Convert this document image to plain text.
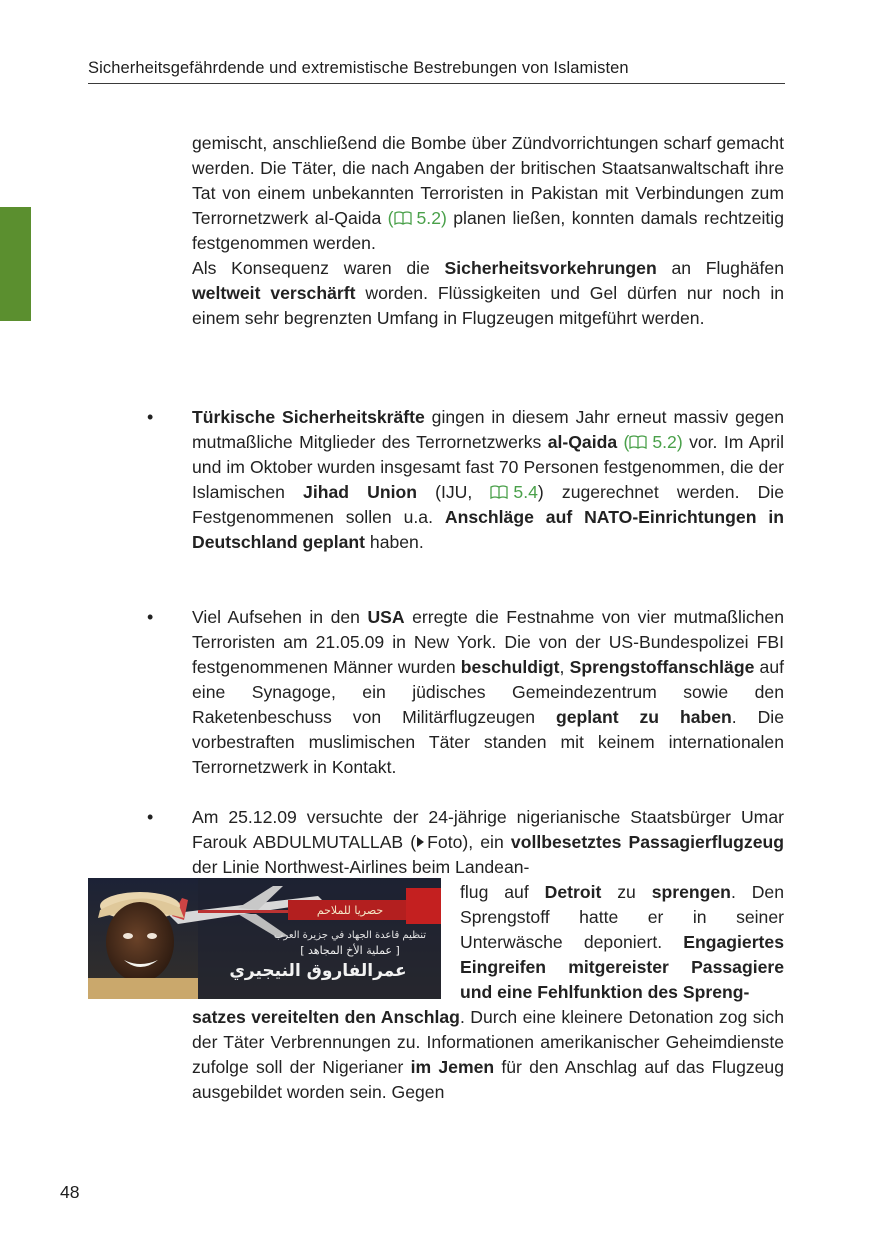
Sicherheitsgefährdende und extremistische Bestrebungen von Islamisten

gemischt, anschließend die Bombe über Zündvorrichtungen scharf gemacht werden. Die Täter, die nach Angaben der britischen Staatsanwaltschaft ihre Tat von einem unbekannten Terroristen in Pakistan mit Verbindungen zum Terrornetzwerk al-Qaida ( 5.2) planen ließen, konnten damals rechtzeitig festgenommen werden.

Als Konsequenz waren die Sicherheitsvorkehrungen an Flughäfen weltweit verschärft worden. Flüssigkeiten und Gel dürfen nur noch in einem sehr begrenzten Umfang in Flugzeugen mitgeführt werden.

• Türkische Sicherheitskräfte gingen in diesem Jahr erneut massiv gegen mutmaßliche Mitglieder des Terrornetzwerks al-Qaida ( 5.2) vor. Im April und im Oktober wurden insgesamt fast 70 Personen festgenommen, die der Islamischen Jihad Union (IJU, 5.4) zugerechnet werden. Die Festgenommenen sollen u.a. Anschläge auf NATO-Einrichtungen in Deutschland geplant haben.
• Viel Aufsehen in den USA erregte die Festnahme von vier mutmaßlichen Terroristen am 21.05.09 in New York. Die von der US-Bundespolizei FBI festgenommenen Männer wurden beschuldigt, Sprengstoffanschläge auf eine Synagoge, ein jüdisches Gemeindezentrum sowie den Raketenbeschuss von Militärflugzeugen geplant zu haben. Die vorbestraften muslimischen Täter standen mit keinem internationalen Terrornetzwerk in Kontakt.
• Am 25.12.09 versuchte der 24-jährige nigerianische Staatsbürger Umar Farouk ABDULMUTALLAB ( Foto), ein vollbesetztes Passagierflugzeug der Linie Northwest-Airlines beim Landean-
flug auf Detroit zu sprengen. Den Sprengstoff hatte er in seiner Unterwäsche deponiert. Engagiertes Eingreifen mitgereister Passagiere und eine Fehlfunktion des Spreng-
satzes vereitelten den Anschlag. Durch eine kleinere Detonation zog sich der Täter Verbrennungen zu. Informationen amerikanischer Geheimdienste zufolge soll der Nigerianer im Jemen für den Anschlag auf das Flugzeug ausgebildet worden sein. Gegen
حصريا للملاحم
تنظيم قاعدة الجهاد في جزيرة العرب
[ عملية الأخ المجاهد ]
عمرالفاروق النيجيري
48
